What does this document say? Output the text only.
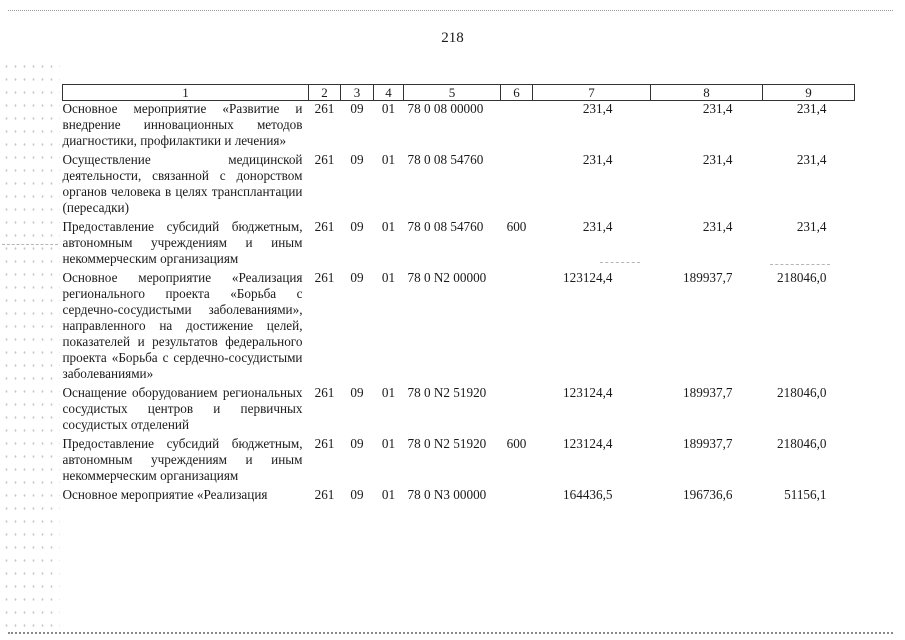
218
1	2	3	4	5	6	7	8	9
Основное мероприятие «Развитие и внедрение инновационных методов диагностики, профилактики и лечения»	261	09	01	78 0 08 00000		231,4	231,4	231,4
Осуществление медицинской деятельности, связанной с донорством органов человека в целях трансплантации (пересадки)	261	09	01	78 0 08 54760		231,4	231,4	231,4
Предоставление субсидий бюджетным, автономным учреждениям и иным некоммерческим организациям	261	09	01	78 0 08 54760	600	231,4	231,4	231,4
Основное мероприятие «Реализация регионального проекта «Борьба с сердечно-сосудистыми заболеваниями», направленного на достижение целей, показателей и результатов федерального проекта «Борьба с сердечно-сосудистыми заболеваниями»	261	09	01	78 0 N2 00000		123124,4	189937,7	218046,0
Оснащение оборудованием региональных сосудистых центров и первичных сосудистых отделений	261	09	01	78 0 N2 51920		123124,4	189937,7	218046,0
Предоставление субсидий бюджетным, автономным учреждениям и иным некоммерческим организациям	261	09	01	78 0 N2 51920	600	123124,4	189937,7	218046,0
Основное мероприятие «Реализация	261	09	01	78 0 N3 00000		164436,5	196736,6	51156,1
